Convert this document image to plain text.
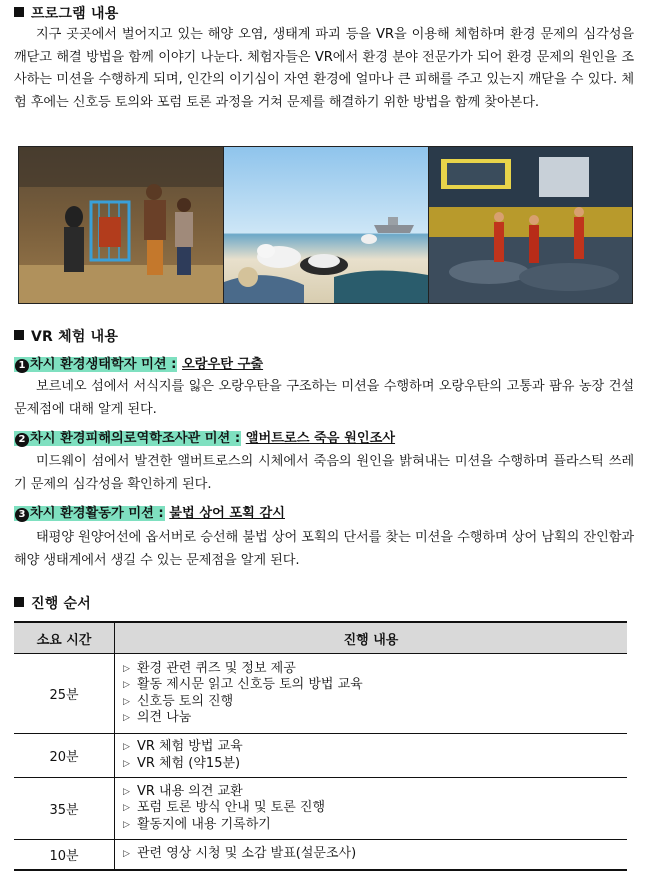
프로그램 내용
지구 곳곳에서 벌어지고 있는 해양 오염, 생태계 파괴 등을 VR을 이용해 체험하며 환경 문제의 심각성을 깨닫고 해결 방법을 함께 이야기 나눈다. 체험자들은 VR에서 환경 분야 전문가가 되어 환경 문제의 원인을 조사하는 미션을 수행하게 되며, 인간의 이기심이 자연 환경에 얼마나 큰 피해를 주고 있는지 깨닫을 수 있다. 체험 후에는 신호등 토의와 포럼 토론 과정을 거쳐 문제를 해결하기 위한 방법을 함께 찾아본다.
VR 체험 내용
1 차시 환경생태학자 미션 : 오랑우탄 구출
보르네오 섬에서 서식지를 잃은 오랑우탄을 구조하는 미션을 수행하며 오랑우탄의 고통과 팜유 농장 건설 문제점에 대해 알게 된다.
2 차시 환경피해의로역학조사관 미션 : 앨버트로스 죽음 원인조사
미드웨이 섬에서 발견한 앨버트로스의 시체에서 죽음의 원인을 밝혀내는 미션을 수행하며 플라스틱 쓰레기 문제의 심각성을 확인하게 된다.
3 차시 환경활동가 미션 : 불법 상어 포획 감시
태평양 원양어선에 옵서버로 승선해 불법 상어 포획의 단서를 찾는 미션을 수행하며 상어 남획의 잔인함과 해양 생태계에서 생길 수 있는 문제점을 알게 된다.
진행 순서
소요 시간	진행 내용
25분	▷ 환경 관련 퀴즈 및 정보 제공
▷ 활동 제시문 읽고 신호등 토의 방법 교육
▷ 신호등 토의 진행
▷ 의견 나눔

20분	▷ VR 체험 방법 교육
▷ VR 체험 (약15분)

35분	▷ VR 내용 의견 교환
▷ 포럼 토론 방식 안내 및 토론 진행
▷ 활동지에 내용 기록하기

10분	▷ 관련 영상 시청 및 소감 발표(설문조사)
